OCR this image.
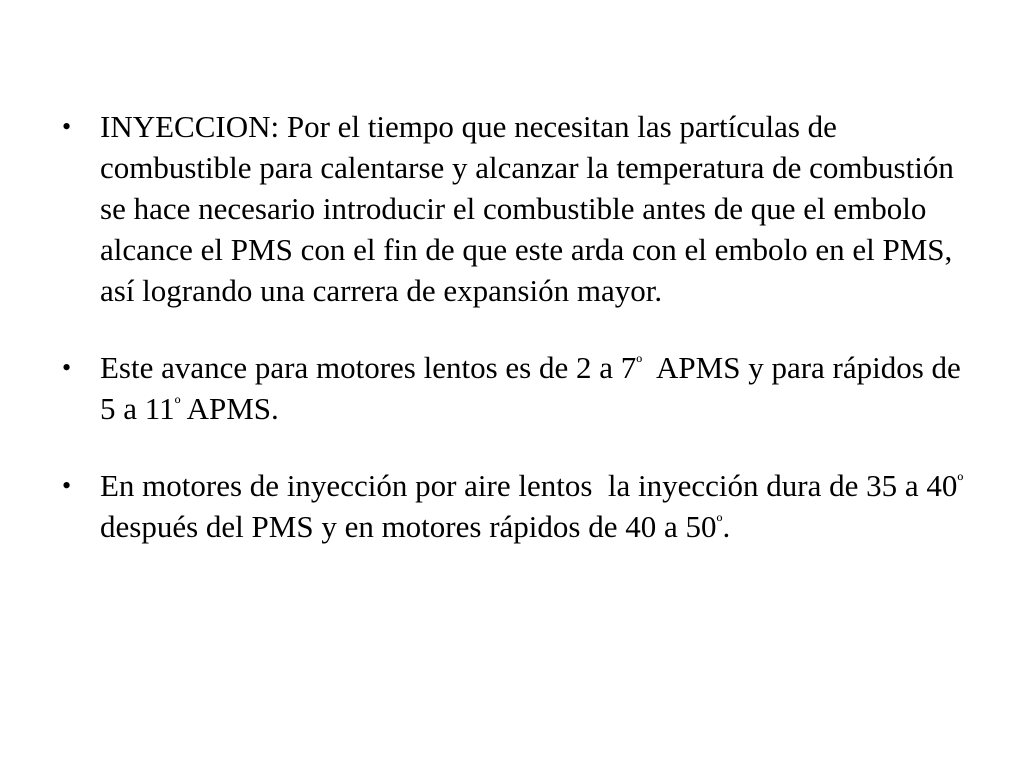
• INYECCION: Por el tiempo que necesitan las partículas de combustible para calentarse y alcanzar la temperatura de combustión se hace necesario introducir el combustible antes de que el embolo alcance el PMS con el fin de que este arda con el embolo en el PMS, así logrando una carrera de expansión mayor.
• Este avance para motores lentos es de 2 a $7^º$  APMS y para rápidos de 5 a $11^º$ APMS.
• En motores de inyección por aire lentos  la inyección dura de 35 a $40^º$ después del PMS y en motores rápidos de 40 a $50^º$.
